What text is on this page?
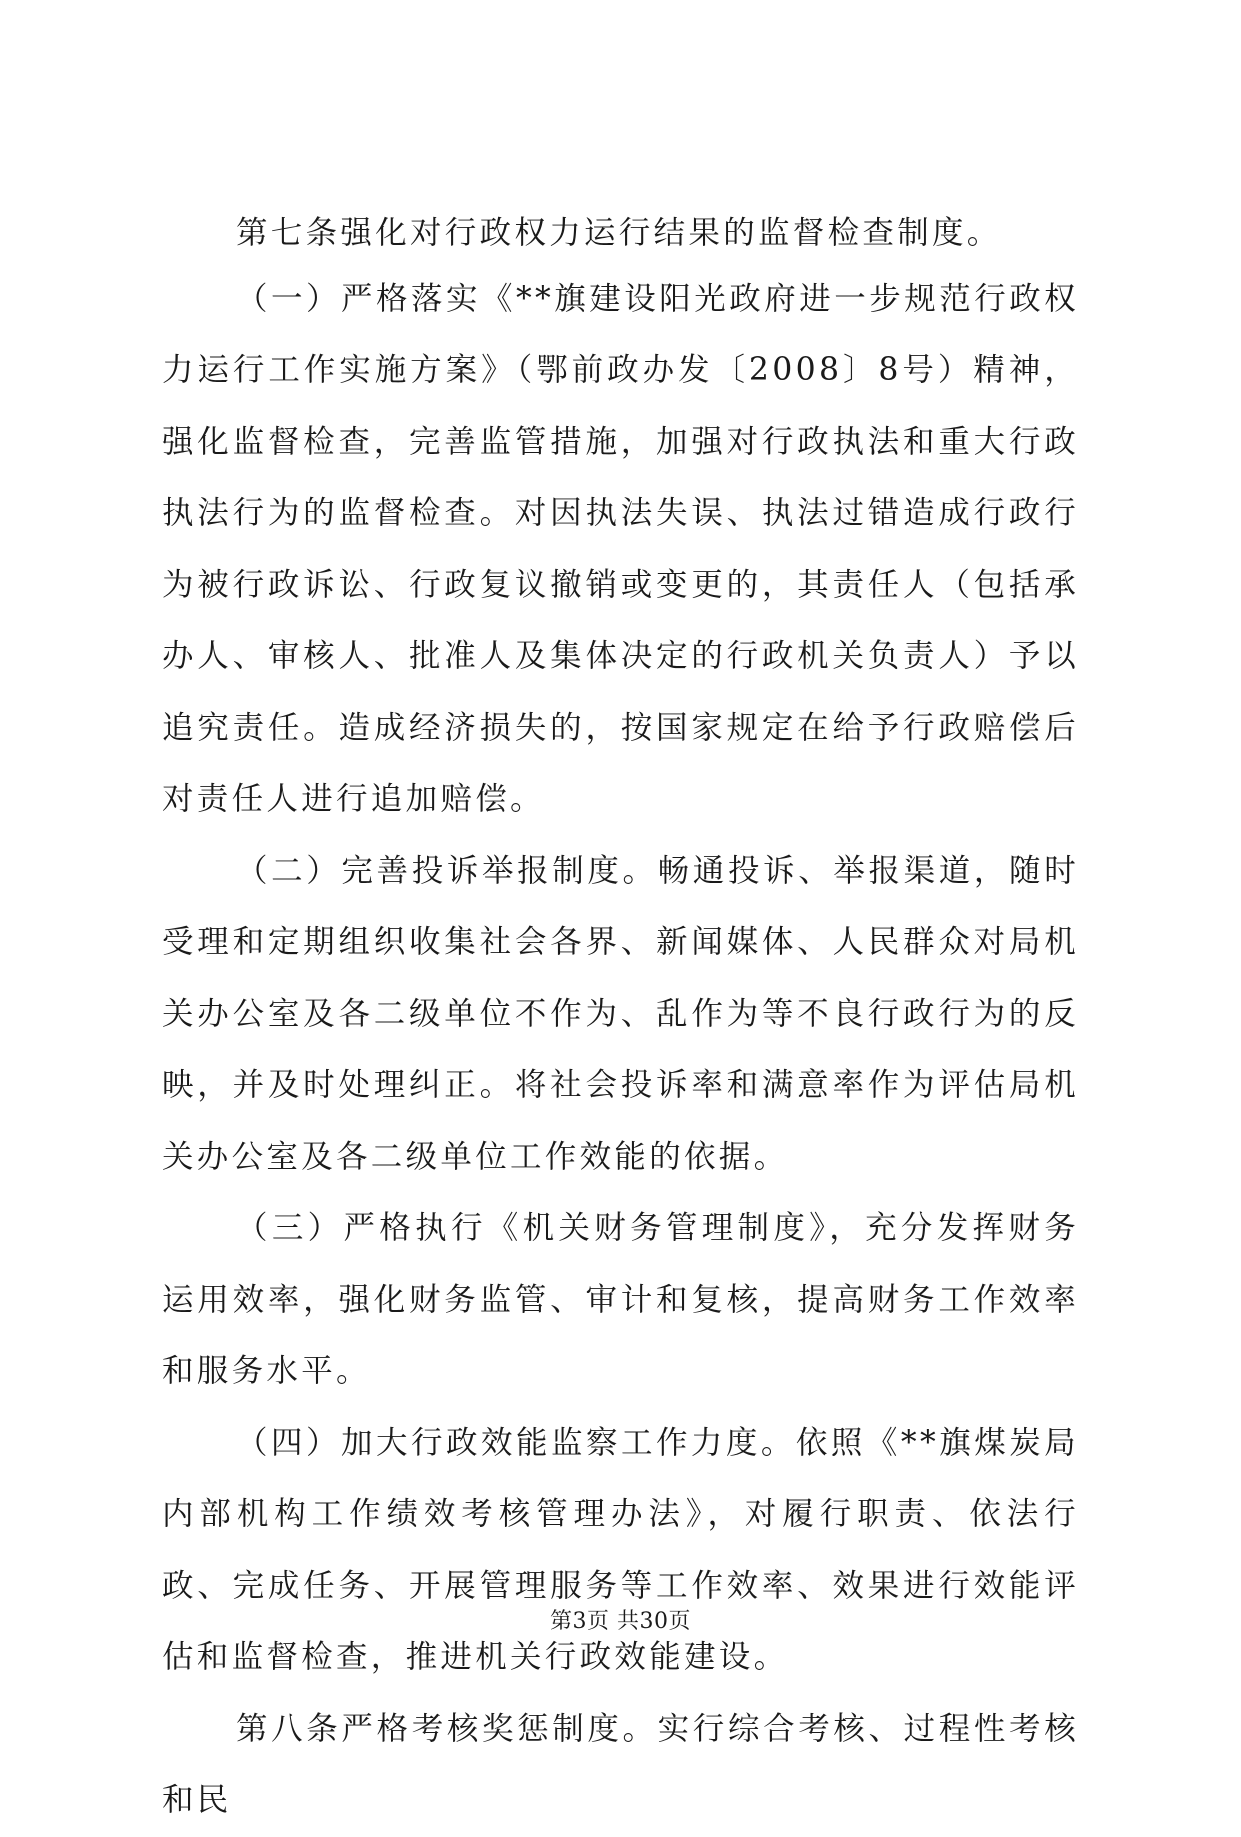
第七条强化对行政权力运行结果的监督检查制度。

（一）严格落实《**旗建设阳光政府进一步规范行政权力运行工作实施方案》（鄂前政办发〔2008〕8号）精神，强化监督检查，完善监管措施，加强对行政执法和重大行政执法行为的监督检查。对因执法失误、执法过错造成行政行为被行政诉讼、行政复议撤销或变更的，其责任人（包括承办人、审核人、批准人及集体决定的行政机关负责人）予以追究责任。造成经济损失的，按国家规定在给予行政赔偿后对责任人进行追加赔偿。

（二）完善投诉举报制度。畅通投诉、举报渠道，随时受理和定期组织收集社会各界、新闻媒体、人民群众对局机关办公室及各二级单位不作为、乱作为等不良行政行为的反映，并及时处理纠正。将社会投诉率和满意率作为评估局机关办公室及各二级单位工作效能的依据。

（三）严格执行《机关财务管理制度》，充分发挥财务运用效率，强化财务监管、审计和复核，提高财务工作效率和服务水平。

（四）加大行政效能监察工作力度。依照《**旗煤炭局内部机构工作绩效考核管理办法》，对履行职责、依法行政、完成任务、开展管理服务等工作效率、效果进行效能评估和监督检查，推进机关行政效能建设。

第八条严格考核奖惩制度。实行综合考核、过程性考核和民

第3页 共30页
